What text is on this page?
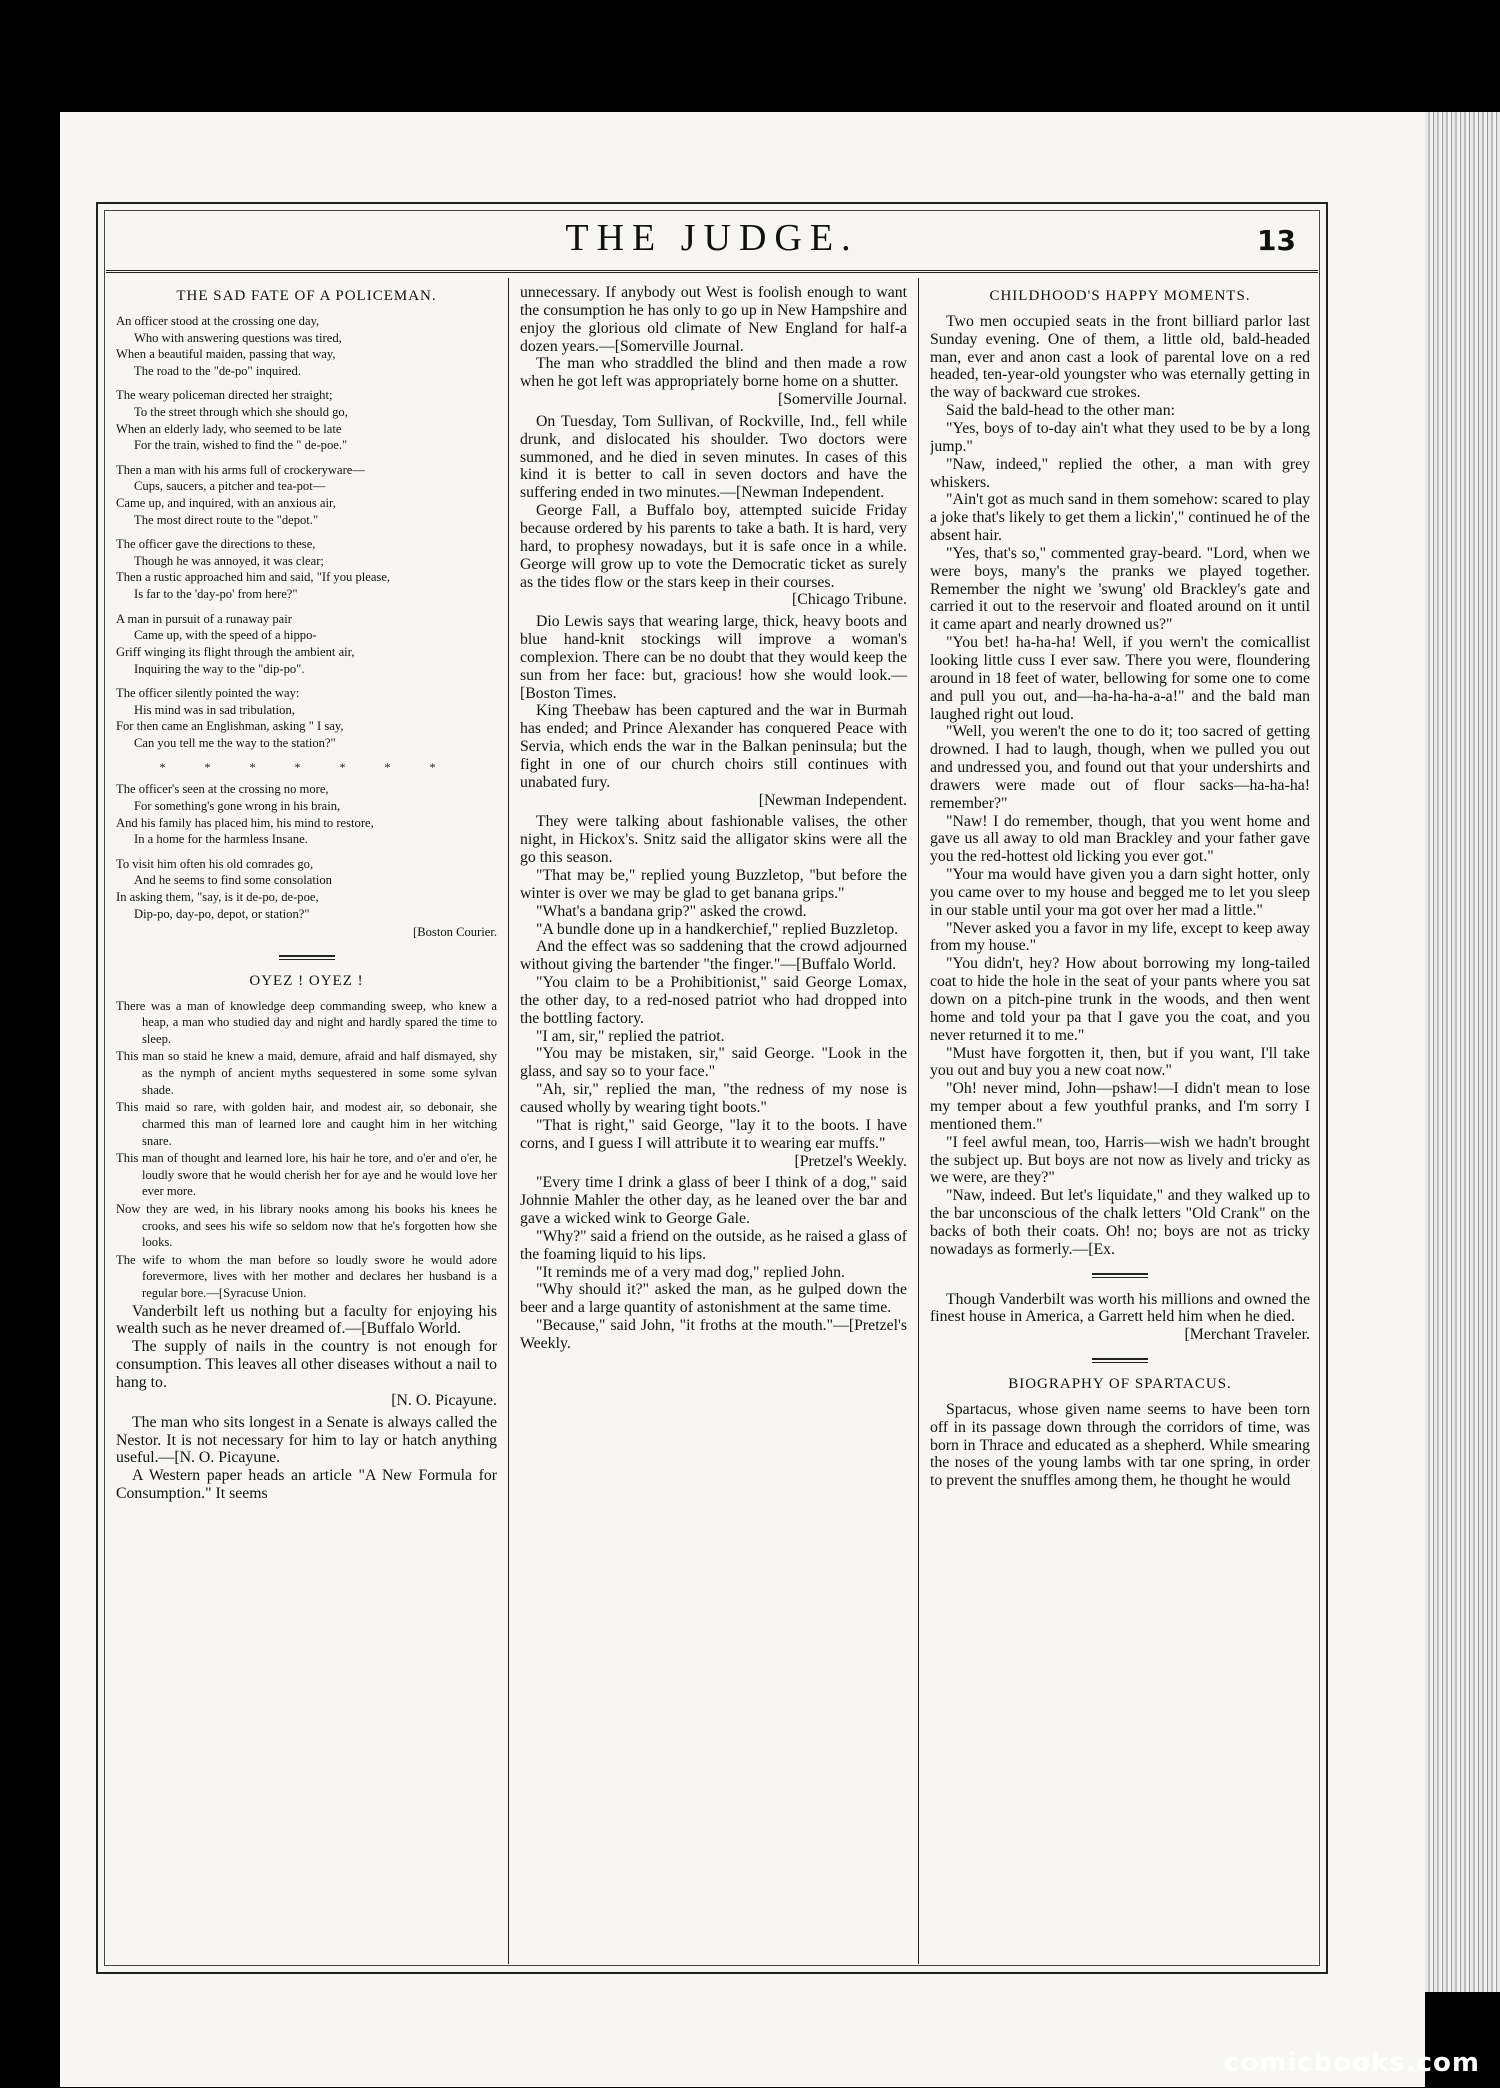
THE JUDGE.	13
THE SAD FATE OF A POLICEMAN.
An officer stood at the crossing one day,
Who with answering questions was tired,
When a beautiful maiden, passing that way,
The road to the "de-po" inquired.
The weary policeman directed her straight;
To the street through which she should go,
When an elderly lady, who seemed to be late
For the train, wished to find the " de-poe."
Then a man with his arms full of crockeryware—
Cups, saucers, a pitcher and tea-pot—
Came up, and inquired, with an anxious air,
The most direct route to the "depot."
The officer gave the directions to these,
Though he was annoyed, it was clear;
Then a rustic approached him and said, "If you please,
Is far to the 'day-po' from here?"
A man in pursuit of a runaway pair
Came up, with the speed of a hippo-
Griff winging its flight through the ambient air,
Inquiring the way to the "dip-po".
The officer silently pointed the way:
His mind was in sad tribulation,
For then came an Englishman, asking " I say,
Can you tell me the way to the station?"
* * * * * * *
The officer's seen at the crossing no more,
For something's gone wrong in his brain,
And his family has placed him, his mind to restore,
In a home for the harmless Insane.
To visit him often his old comrades go,
And he seems to find some consolation
In asking them, "say, is it de-po, de-poe,
Dip-po, day-po, depot, or station?"

[Boston Courier.

OYEZ ! OYEZ !

There was a man of knowledge deep commanding sweep, who knew a heap, a man who studied day and night and hardly spared the time to sleep.

This man so staid he knew a maid, demure, afraid and half dismayed, shy as the nymph of ancient myths sequestered in some some sylvan shade.

This maid so rare, with golden hair, and modest air, so debonair, she charmed this man of learned lore and caught him in her witching snare.

This man of thought and learned lore, his hair he tore, and o'er and o'er, he loudly swore that he would cherish her for aye and he would love her ever more.

Now they are wed, in his library nooks among his books his knees he crooks, and sees his wife so seldom now that he's forgotten how she looks.

The wife to whom the man before so loudly swore he would adore forevermore, lives with her mother and declares her husband is a regular bore.—[Syracuse Union.

Vanderbilt left us nothing but a faculty for enjoying his wealth such as he never dreamed of.—[Buffalo World.

The supply of nails in the country is not enough for consumption. This leaves all other diseases without a nail to hang to.

[N. O. Picayune.

The man who sits longest in a Senate is always called the Nestor. It is not necessary for him to lay or hatch anything useful.—[N. O. Picayune.

A Western paper heads an article "A New Formula for Consumption." It seems

unnecessary. If anybody out West is foolish enough to want the consumption he has only to go up in New Hampshire and enjoy the glorious old climate of New England for half-a dozen years.—[Somerville Journal.

The man who straddled the blind and then made a row when he got left was appropriately borne home on a shutter.

[Somerville Journal.

On Tuesday, Tom Sullivan, of Rockville, Ind., fell while drunk, and dislocated his shoulder. Two doctors were summoned, and he died in seven minutes. In cases of this kind it is better to call in seven doctors and have the suffering ended in two minutes.—[Newman Independent.

George Fall, a Buffalo boy, attempted suicide Friday because ordered by his parents to take a bath. It is hard, very hard, to prophesy nowadays, but it is safe once in a while. George will grow up to vote the Democratic ticket as surely as the tides flow or the stars keep in their courses.

[Chicago Tribune.

Dio Lewis says that wearing large, thick, heavy boots and blue hand-knit stockings will improve a woman's complexion. There can be no doubt that they would keep the sun from her face: but, gracious! how she would look.—[Boston Times.

King Theebaw has been captured and the war in Burmah has ended; and Prince Alexander has conquered Peace with Servia, which ends the war in the Balkan peninsula; but the fight in one of our church choirs still continues with unabated fury.

[Newman Independent.

They were talking about fashionable valises, the other night, in Hickox's. Snitz said the alligator skins were all the go this season.

"That may be," replied young Buzzletop, "but before the winter is over we may be glad to get banana grips."

"What's a bandana grip?" asked the crowd.

"A bundle done up in a handkerchief," replied Buzzletop.

And the effect was so saddening that the crowd adjourned without giving the bartender "the finger."—[Buffalo World.

"You claim to be a Prohibitionist," said George Lomax, the other day, to a red-nosed patriot who had dropped into the bottling factory.

"I am, sir," replied the patriot.

"You may be mistaken, sir," said George. "Look in the glass, and say so to your face."

"Ah, sir," replied the man, "the redness of my nose is caused wholly by wearing tight boots."

"That is right," said George, "lay it to the boots. I have corns, and I guess I will attribute it to wearing ear muffs."

[Pretzel's Weekly.

"Every time I drink a glass of beer I think of a dog," said Johnnie Mahler the other day, as he leaned over the bar and gave a wicked wink to George Gale.

"Why?" said a friend on the outside, as he raised a glass of the foaming liquid to his lips.

"It reminds me of a very mad dog," replied John.

"Why should it?" asked the man, as he gulped down the beer and a large quantity of astonishment at the same time.

"Because," said John, "it froths at the mouth."—[Pretzel's Weekly.

CHILDHOOD'S HAPPY MOMENTS.

Two men occupied seats in the front billiard parlor last Sunday evening. One of them, a little old, bald-headed man, ever and anon cast a look of parental love on a red headed, ten-year-old youngster who was eternally getting in the way of backward cue strokes.

Said the bald-head to the other man:

"Yes, boys of to-day ain't what they used to be by a long jump."

"Naw, indeed," replied the other, a man with grey whiskers.

"Ain't got as much sand in them somehow: scared to play a joke that's likely to get them a lickin'," continued he of the absent hair.

"Yes, that's so," commented gray-beard. "Lord, when we were boys, many's the pranks we played together. Remember the night we 'swung' old Brackley's gate and carried it out to the reservoir and floated around on it until it came apart and nearly drowned us?"

"You bet! ha-ha-ha! Well, if you wern't the comicallist looking little cuss I ever saw. There you were, floundering around in 18 feet of water, bellowing for some one to come and pull you out, and—ha-ha-ha-a-a!" and the bald man laughed right out loud.

"Well, you weren't the one to do it; too sacred of getting drowned. I had to laugh, though, when we pulled you out and undressed you, and found out that your undershirts and drawers were made out of flour sacks—ha-ha-ha! remember?"

"Naw! I do remember, though, that you went home and gave us all away to old man Brackley and your father gave you the red-hottest old licking you ever got."

"Your ma would have given you a darn sight hotter, only you came over to my house and begged me to let you sleep in our stable until your ma got over her mad a little."

"Never asked you a favor in my life, except to keep away from my house."

"You didn't, hey? How about borrowing my long-tailed coat to hide the hole in the seat of your pants where you sat down on a pitch-pine trunk in the woods, and then went home and told your pa that I gave you the coat, and you never returned it to me."

"Must have forgotten it, then, but if you want, I'll take you out and buy you a new coat now."

"Oh! never mind, John—pshaw!—I didn't mean to lose my temper about a few youthful pranks, and I'm sorry I mentioned them."

"I feel awful mean, too, Harris—wish we hadn't brought the subject up. But boys are not now as lively and tricky as we were, are they?"

"Naw, indeed. But let's liquidate," and they walked up to the bar unconscious of the chalk letters "Old Crank" on the backs of both their coats. Oh! no; boys are not as tricky nowadays as formerly.—[Ex.

Though Vanderbilt was worth his millions and owned the finest house in America, a Garrett held him when he died.

[Merchant Traveler.

BIOGRAPHY OF SPARTACUS.

Spartacus, whose given name seems to have been torn off in its passage down through the corridors of time, was born in Thrace and educated as a shepherd. While smearing the noses of the young lambs with tar one spring, in order to prevent the snuffles among them, he thought he would

comicbooks.com
